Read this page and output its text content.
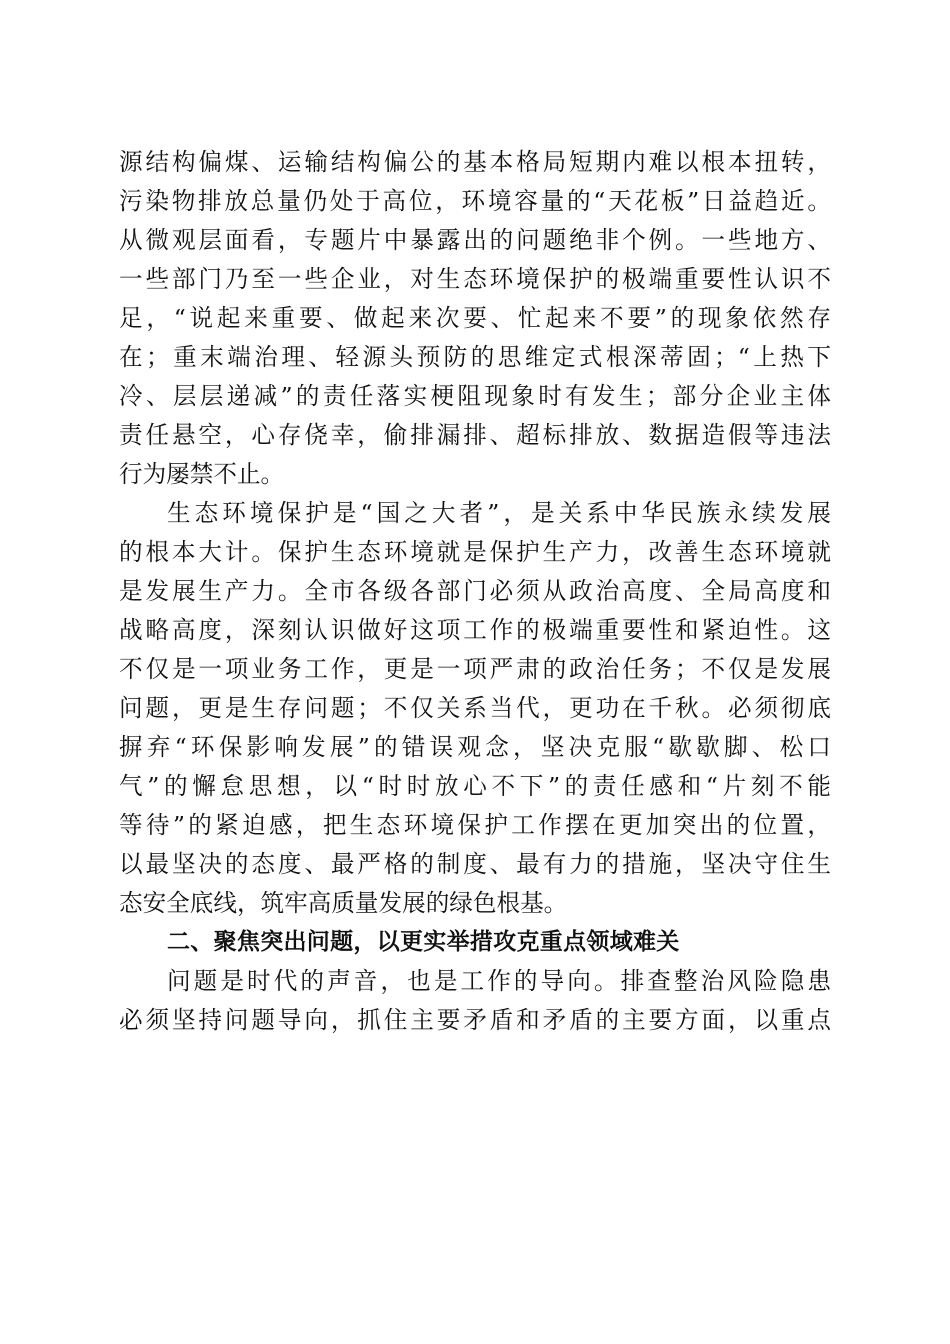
源结构偏煤、运输结构偏公的基本格局短期内难以根本扭转，
污染物排放总量仍处于高位，环境容量的“天花板”日益趋近。
从微观层面看，专题片中暴露出的问题绝非个例。一些地方、
一些部门乃至一些企业，对生态环境保护的极端重要性认识不
足，“说起来重要、做起来次要、忙起来不要”的现象依然存
在；重末端治理、轻源头预防的思维定式根深蒂固；“上热下
冷、层层递减”的责任落实梗阻现象时有发生；部分企业主体
责任悬空，心存侥幸，偷排漏排、超标排放、数据造假等违法
行为屡禁不止。
生态环境保护是“国之大者”，是关系中华民族永续发展
的根本大计。保护生态环境就是保护生产力，改善生态环境就
是发展生产力。全市各级各部门必须从政治高度、全局高度和
战略高度，深刻认识做好这项工作的极端重要性和紧迫性。这
不仅是一项业务工作，更是一项严肃的政治任务；不仅是发展
问题，更是生存问题；不仅关系当代，更功在千秋。必须彻底
摒弃“环保影响发展”的错误观念，坚决克服“歇歇脚、松口
气”的懈怠思想，以“时时放心不下”的责任感和“片刻不能
等待”的紧迫感，把生态环境保护工作摆在更加突出的位置，
以最坚决的态度、最严格的制度、最有力的措施，坚决守住生
态安全底线，筑牢高质量发展的绿色根基。
二、聚焦突出问题，以更实举措攻克重点领域难关
问题是时代的声音，也是工作的导向。排查整治风险隐患
必须坚持问题导向，抓住主要矛盾和矛盾的主要方面，以重点
